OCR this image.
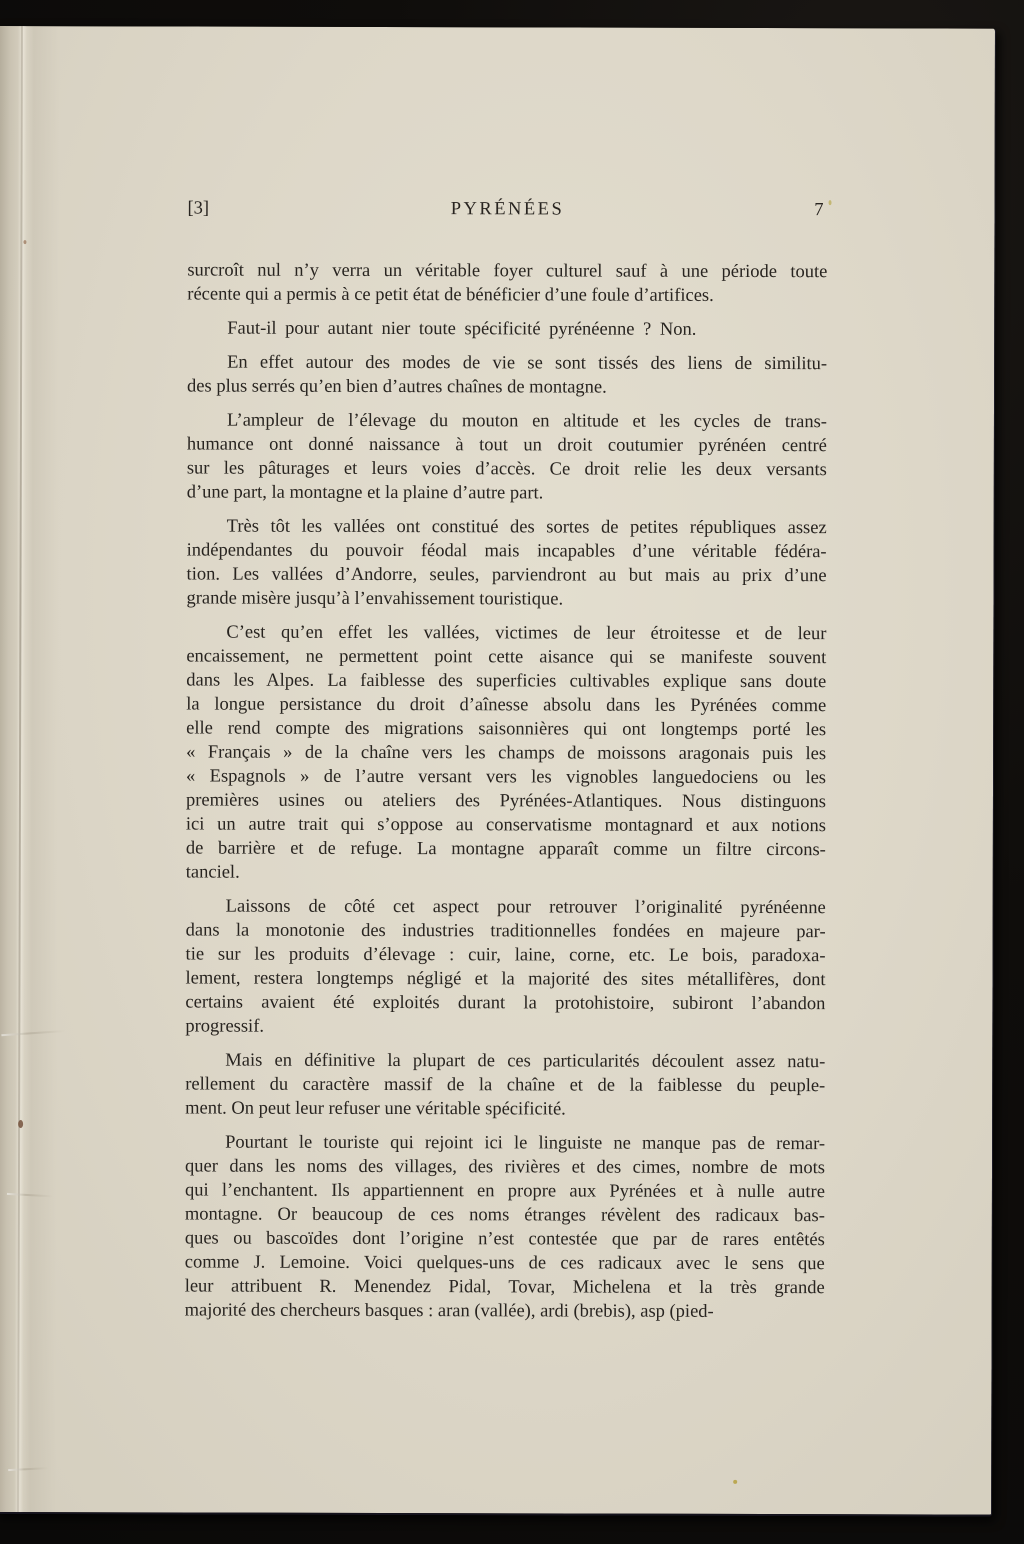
[3]	PYRÉNÉES	7
surcroît nul n’y verra un véritable foyer culturel sauf à une période toute
récente qui a permis à ce petit état de bénéficier d’une foule d’artifices.
Faut-il pour autant nier toute spécificité pyrénéenne ? Non.
En effet autour des modes de vie se sont tissés des liens de similitu-
des plus serrés qu’en bien d’autres chaînes de montagne.
L’ampleur de l’élevage du mouton en altitude et les cycles de trans-
humance ont donné naissance à tout un droit coutumier pyrénéen centré
sur les pâturages et leurs voies d’accès. Ce droit relie les deux versants
d’une part, la montagne et la plaine d’autre part.
Très tôt les vallées ont constitué des sortes de petites républiques assez
indépendantes du pouvoir féodal mais incapables d’une véritable fédéra-
tion. Les vallées d’Andorre, seules, parviendront au but mais au prix d’une
grande misère jusqu’à l’envahissement touristique.
C’est qu’en effet les vallées, victimes de leur étroitesse et de leur
encaissement, ne permettent point cette aisance qui se manifeste souvent
dans les Alpes. La faiblesse des superficies cultivables explique sans doute
la longue persistance du droit d’aînesse absolu dans les Pyrénées comme
elle rend compte des migrations saisonnières qui ont longtemps porté les
« Français » de la chaîne vers les champs de moissons aragonais puis les
« Espagnols » de l’autre versant vers les vignobles languedociens ou les
premières usines ou ateliers des Pyrénées-Atlantiques. Nous distinguons
ici un autre trait qui s’oppose au conservatisme montagnard et aux notions
de barrière et de refuge. La montagne apparaît comme un filtre circons-
tanciel.
Laissons de côté cet aspect pour retrouver l’originalité pyrénéenne
dans la monotonie des industries traditionnelles fondées en majeure par-
tie sur les produits d’élevage : cuir, laine, corne, etc. Le bois, paradoxa-
lement, restera longtemps négligé et la majorité des sites métallifères, dont
certains avaient été exploités durant la protohistoire, subiront l’abandon
progressif.
Mais en définitive la plupart de ces particularités découlent assez natu-
rellement du caractère massif de la chaîne et de la faiblesse du peuple-
ment. On peut leur refuser une véritable spécificité.
Pourtant le touriste qui rejoint ici le linguiste ne manque pas de remar-
quer dans les noms des villages, des rivières et des cimes, nombre de mots
qui l’enchantent. Ils appartiennent en propre aux Pyrénées et à nulle autre
montagne. Or beaucoup de ces noms étranges révèlent des radicaux bas-
ques ou bascoïdes dont l’origine n’est contestée que par de rares entêtés
comme J. Lemoine. Voici quelques-uns de ces radicaux avec le sens que
leur attribuent R. Menendez Pidal, Tovar, Michelena et la très grande
majorité des chercheurs basques : aran (vallée), ardi (brebis), asp (pied-
